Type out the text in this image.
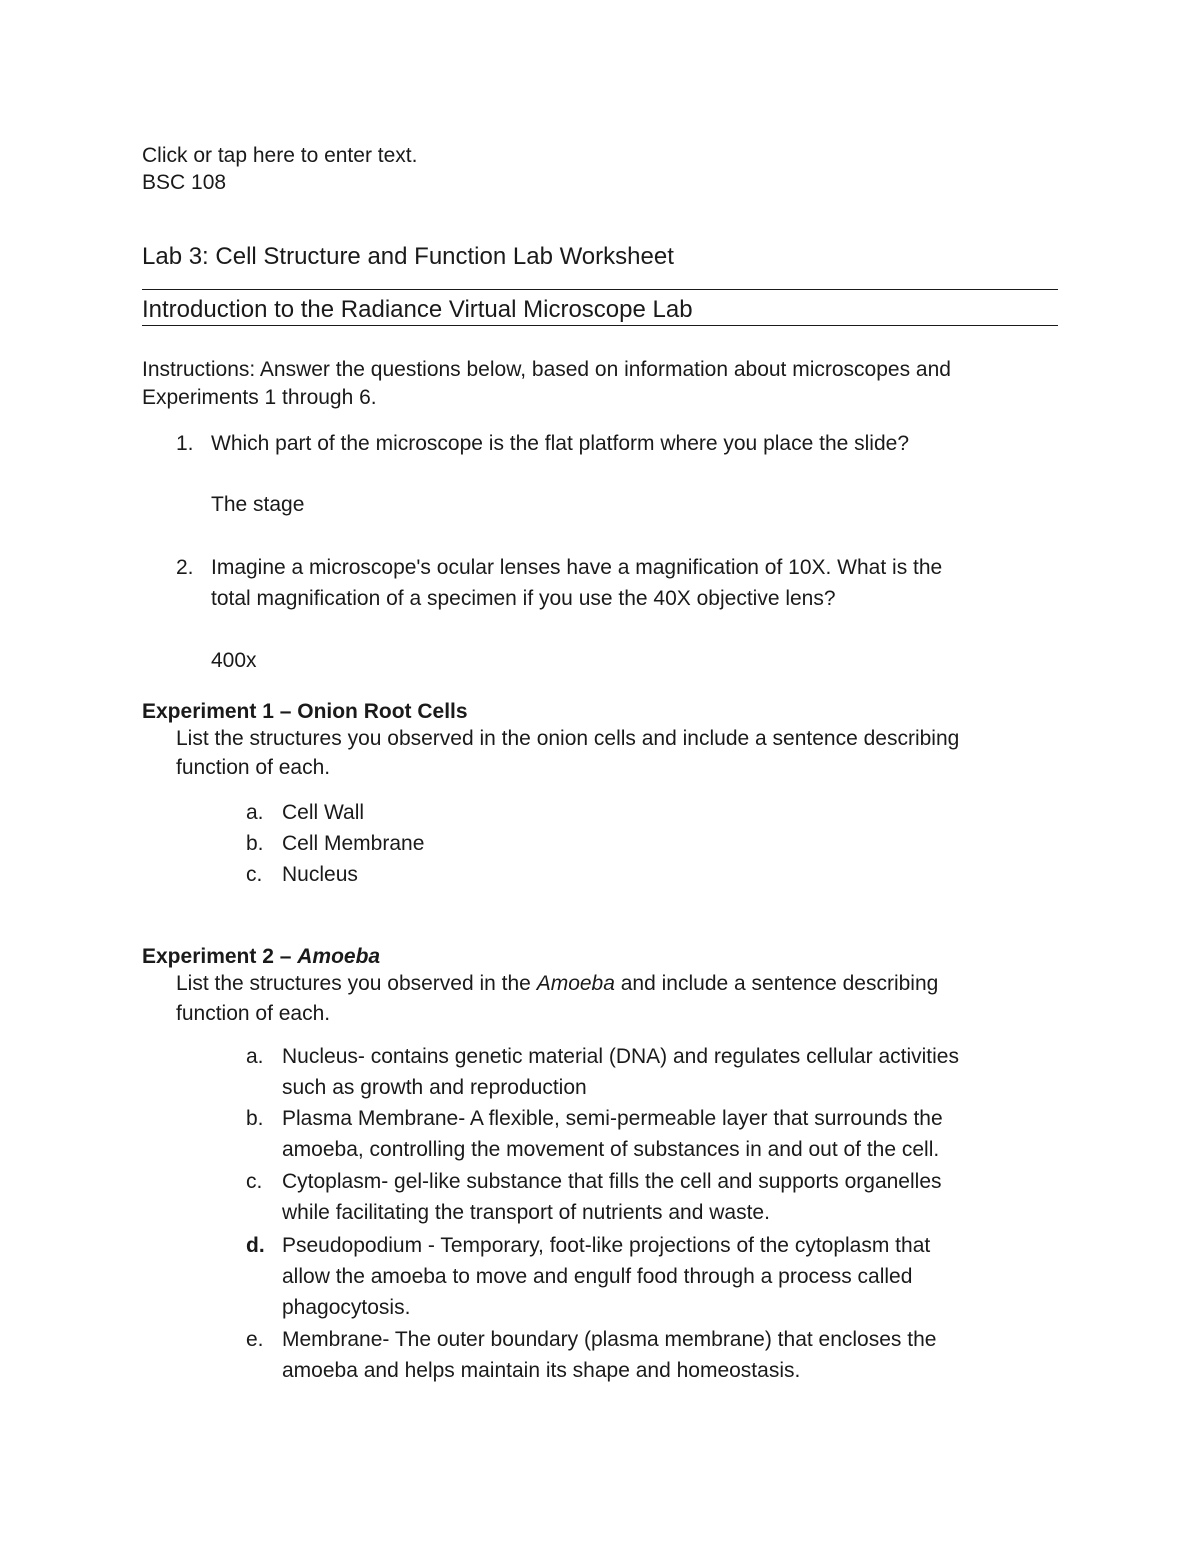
Click or tap here to enter text.
BSC 108
Lab 3: Cell Structure and Function Lab Worksheet
Introduction to the Radiance Virtual Microscope Lab
Instructions: Answer the questions below, based on information about microscopes and
Experiments 1 through 6.
1. Which part of the microscope is the flat platform where you place the slide?
The stage
2. Imagine a microscope's ocular lenses have a magnification of 10X. What is the
total magnification of a specimen if you use the 40X objective lens?
400x
Experiment 1 – Onion Root Cells
List the structures you observed in the onion cells and include a sentence describing
function of each.
a. Cell Wall
b. Cell Membrane
c. Nucleus
Experiment 2 – Amoeba
List the structures you observed in the Amoeba and include a sentence describing
function of each.
a. Nucleus- contains genetic material (DNA) and regulates cellular activities
such as growth and reproduction
b. Plasma Membrane- A flexible, semi-permeable layer that surrounds the
amoeba, controlling the movement of substances in and out of the cell.
c. Cytoplasm- gel-like substance that fills the cell and supports organelles
while facilitating the transport of nutrients and waste.
d. Pseudopodium - Temporary, foot-like projections of the cytoplasm that
allow the amoeba to move and engulf food through a process called
phagocytosis.
e. Membrane- The outer boundary (plasma membrane) that encloses the
amoeba and helps maintain its shape and homeostasis.
